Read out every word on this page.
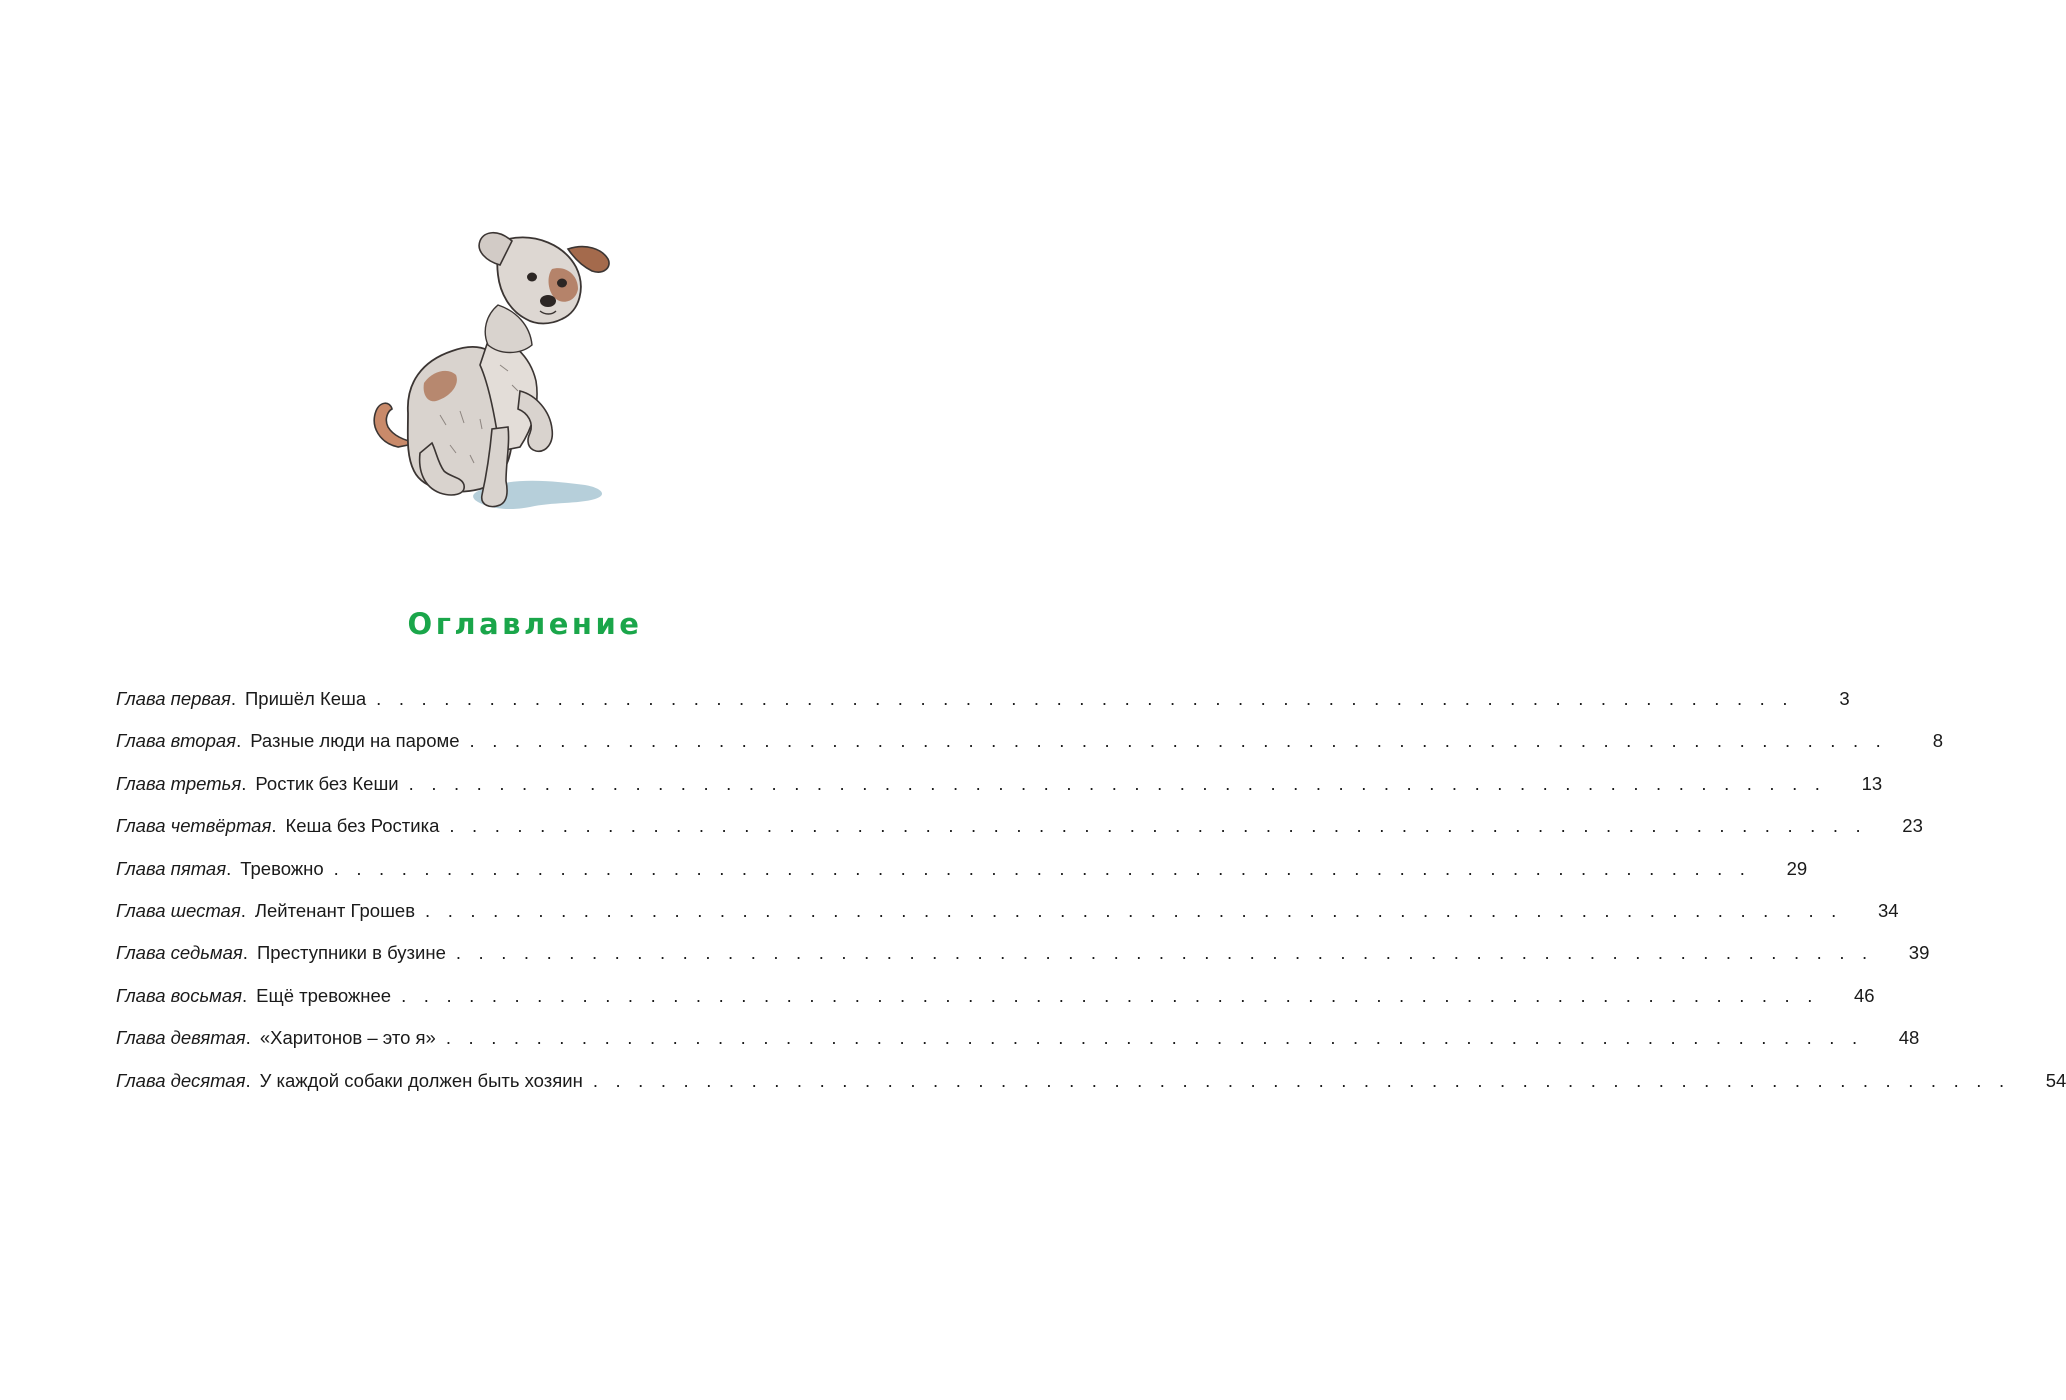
Оглавление
Глава первая . Пришёл Кеша . . . . . . . . . . . . . . . . . . . . . . . . . . . . . . . . . . . . . . . . . . . . . . . . . . . . . . . . . . . . . . .	3
Глава вторая . Разные люди на пароме . . . . . . . . . . . . . . . . . . . . . . . . . . . . . . . . . . . . . . . . . . . . . . . . . . . . . . . . . . . . . . .	8
Глава третья . Ростик без Кеши . . . . . . . . . . . . . . . . . . . . . . . . . . . . . . . . . . . . . . . . . . . . . . . . . . . . . . . . . . . . . . .	13
Глава четвёртая . Кеша без Ростика . . . . . . . . . . . . . . . . . . . . . . . . . . . . . . . . . . . . . . . . . . . . . . . . . . . . . . . . . . . . . . .	23
Глава пятая . Тревожно . . . . . . . . . . . . . . . . . . . . . . . . . . . . . . . . . . . . . . . . . . . . . . . . . . . . . . . . . . . . . . .	29
Глава шестая . Лейтенант Грошев . . . . . . . . . . . . . . . . . . . . . . . . . . . . . . . . . . . . . . . . . . . . . . . . . . . . . . . . . . . . . . .	34
Глава седьмая . Преступники в бузине . . . . . . . . . . . . . . . . . . . . . . . . . . . . . . . . . . . . . . . . . . . . . . . . . . . . . . . . . . . . . . .	39
Глава восьмая . Ещё тревожнее . . . . . . . . . . . . . . . . . . . . . . . . . . . . . . . . . . . . . . . . . . . . . . . . . . . . . . . . . . . . . . .	46
Глава девятая . «Харитонов – это я» . . . . . . . . . . . . . . . . . . . . . . . . . . . . . . . . . . . . . . . . . . . . . . . . . . . . . . . . . . . . . . .	48
Глава десятая . У каждой собаки должен быть хозяин . . . . . . . . . . . . . . . . . . . . . . . . . . . . . . . . . . . . . . . . . . . . . . . . . . . . . . . . . . . . . . .	54
